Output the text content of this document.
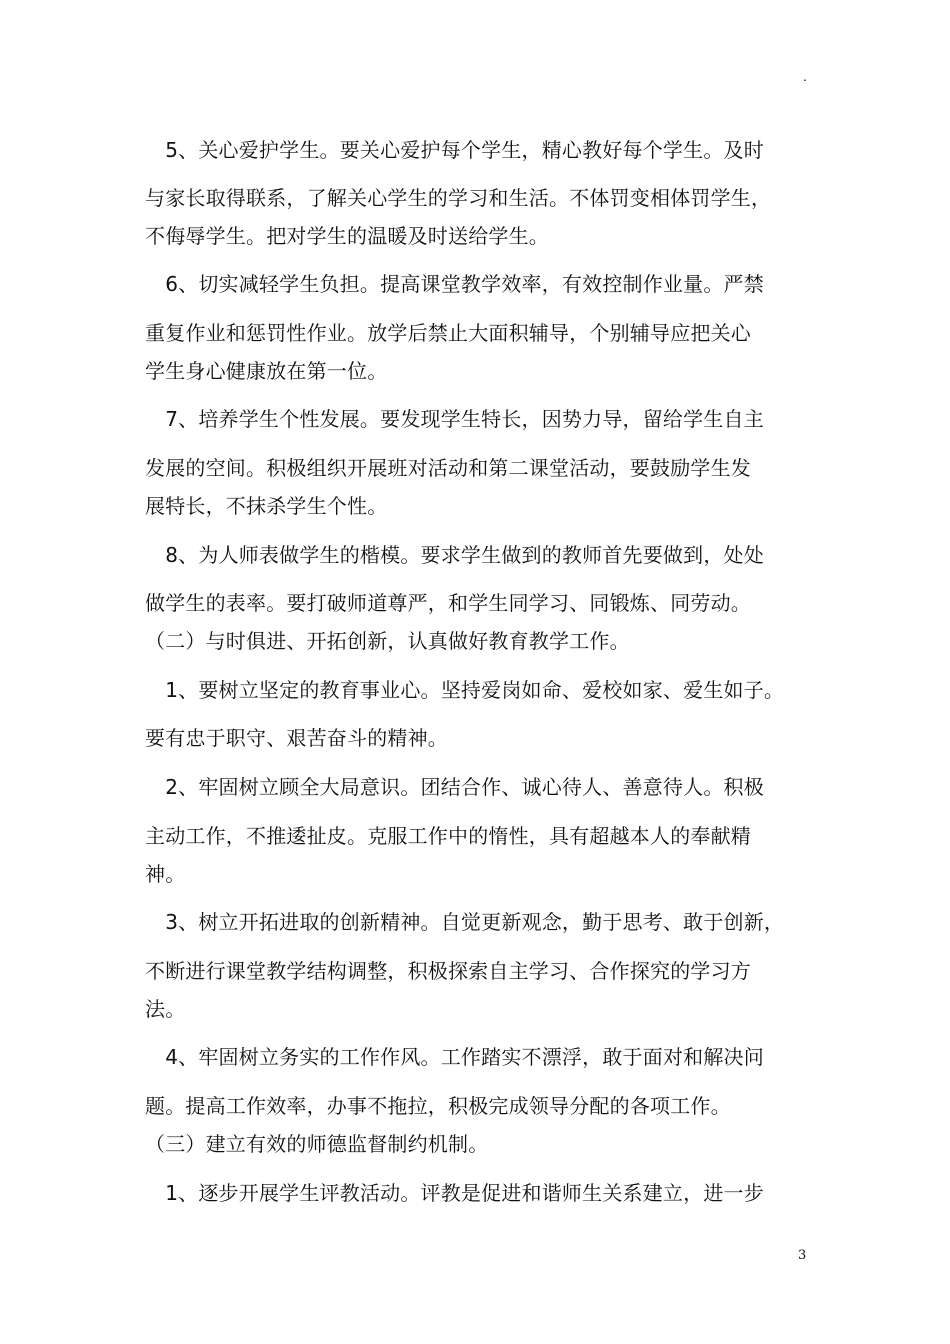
.
　5、关心爱护学生。要关心爱护每个学生，精心教好每个学生。及时
与家长取得联系，了解关心学生的学习和生活。不体罚变相体罚学生，
不侮辱学生。把对学生的温暖及时送给学生。
　6、切实减轻学生负担。提高课堂教学效率，有效控制作业量。严禁
重复作业和惩罚性作业。放学后禁止大面积辅导，个别辅导应把关心
学生身心健康放在第一位。
　7、培养学生个性发展。要发现学生特长，因势力导，留给学生自主
发展的空间。积极组织开展班对活动和第二课堂活动，要鼓励学生发
展特长，不抹杀学生个性。
　8、为人师表做学生的楷模。要求学生做到的教师首先要做到，处处
做学生的表率。要打破师道尊严，和学生同学习、同锻炼、同劳动。
（二）与时俱进、开拓创新，认真做好教育教学工作。
　1、要树立坚定的教育事业心。坚持爱岗如命、爱校如家、爱生如子。
要有忠于职守、艰苦奋斗的精神。
　2、牢固树立顾全大局意识。团结合作、诚心待人、善意待人。积极
主动工作，不推逶扯皮。克服工作中的惰性，具有超越本人的奉献精
神。
　3、树立开拓进取的创新精神。自觉更新观念，勤于思考、敢于创新，
不断进行课堂教学结构调整，积极探索自主学习、合作探究的学习方
法。
　4、牢固树立务实的工作作风。工作踏实不漂浮，敢于面对和解决问
题。提高工作效率，办事不拖拉，积极完成领导分配的各项工作。
（三）建立有效的师德监督制约机制。
　1、逐步开展学生评教活动。评教是促进和谐师生关系建立，进一步
3
